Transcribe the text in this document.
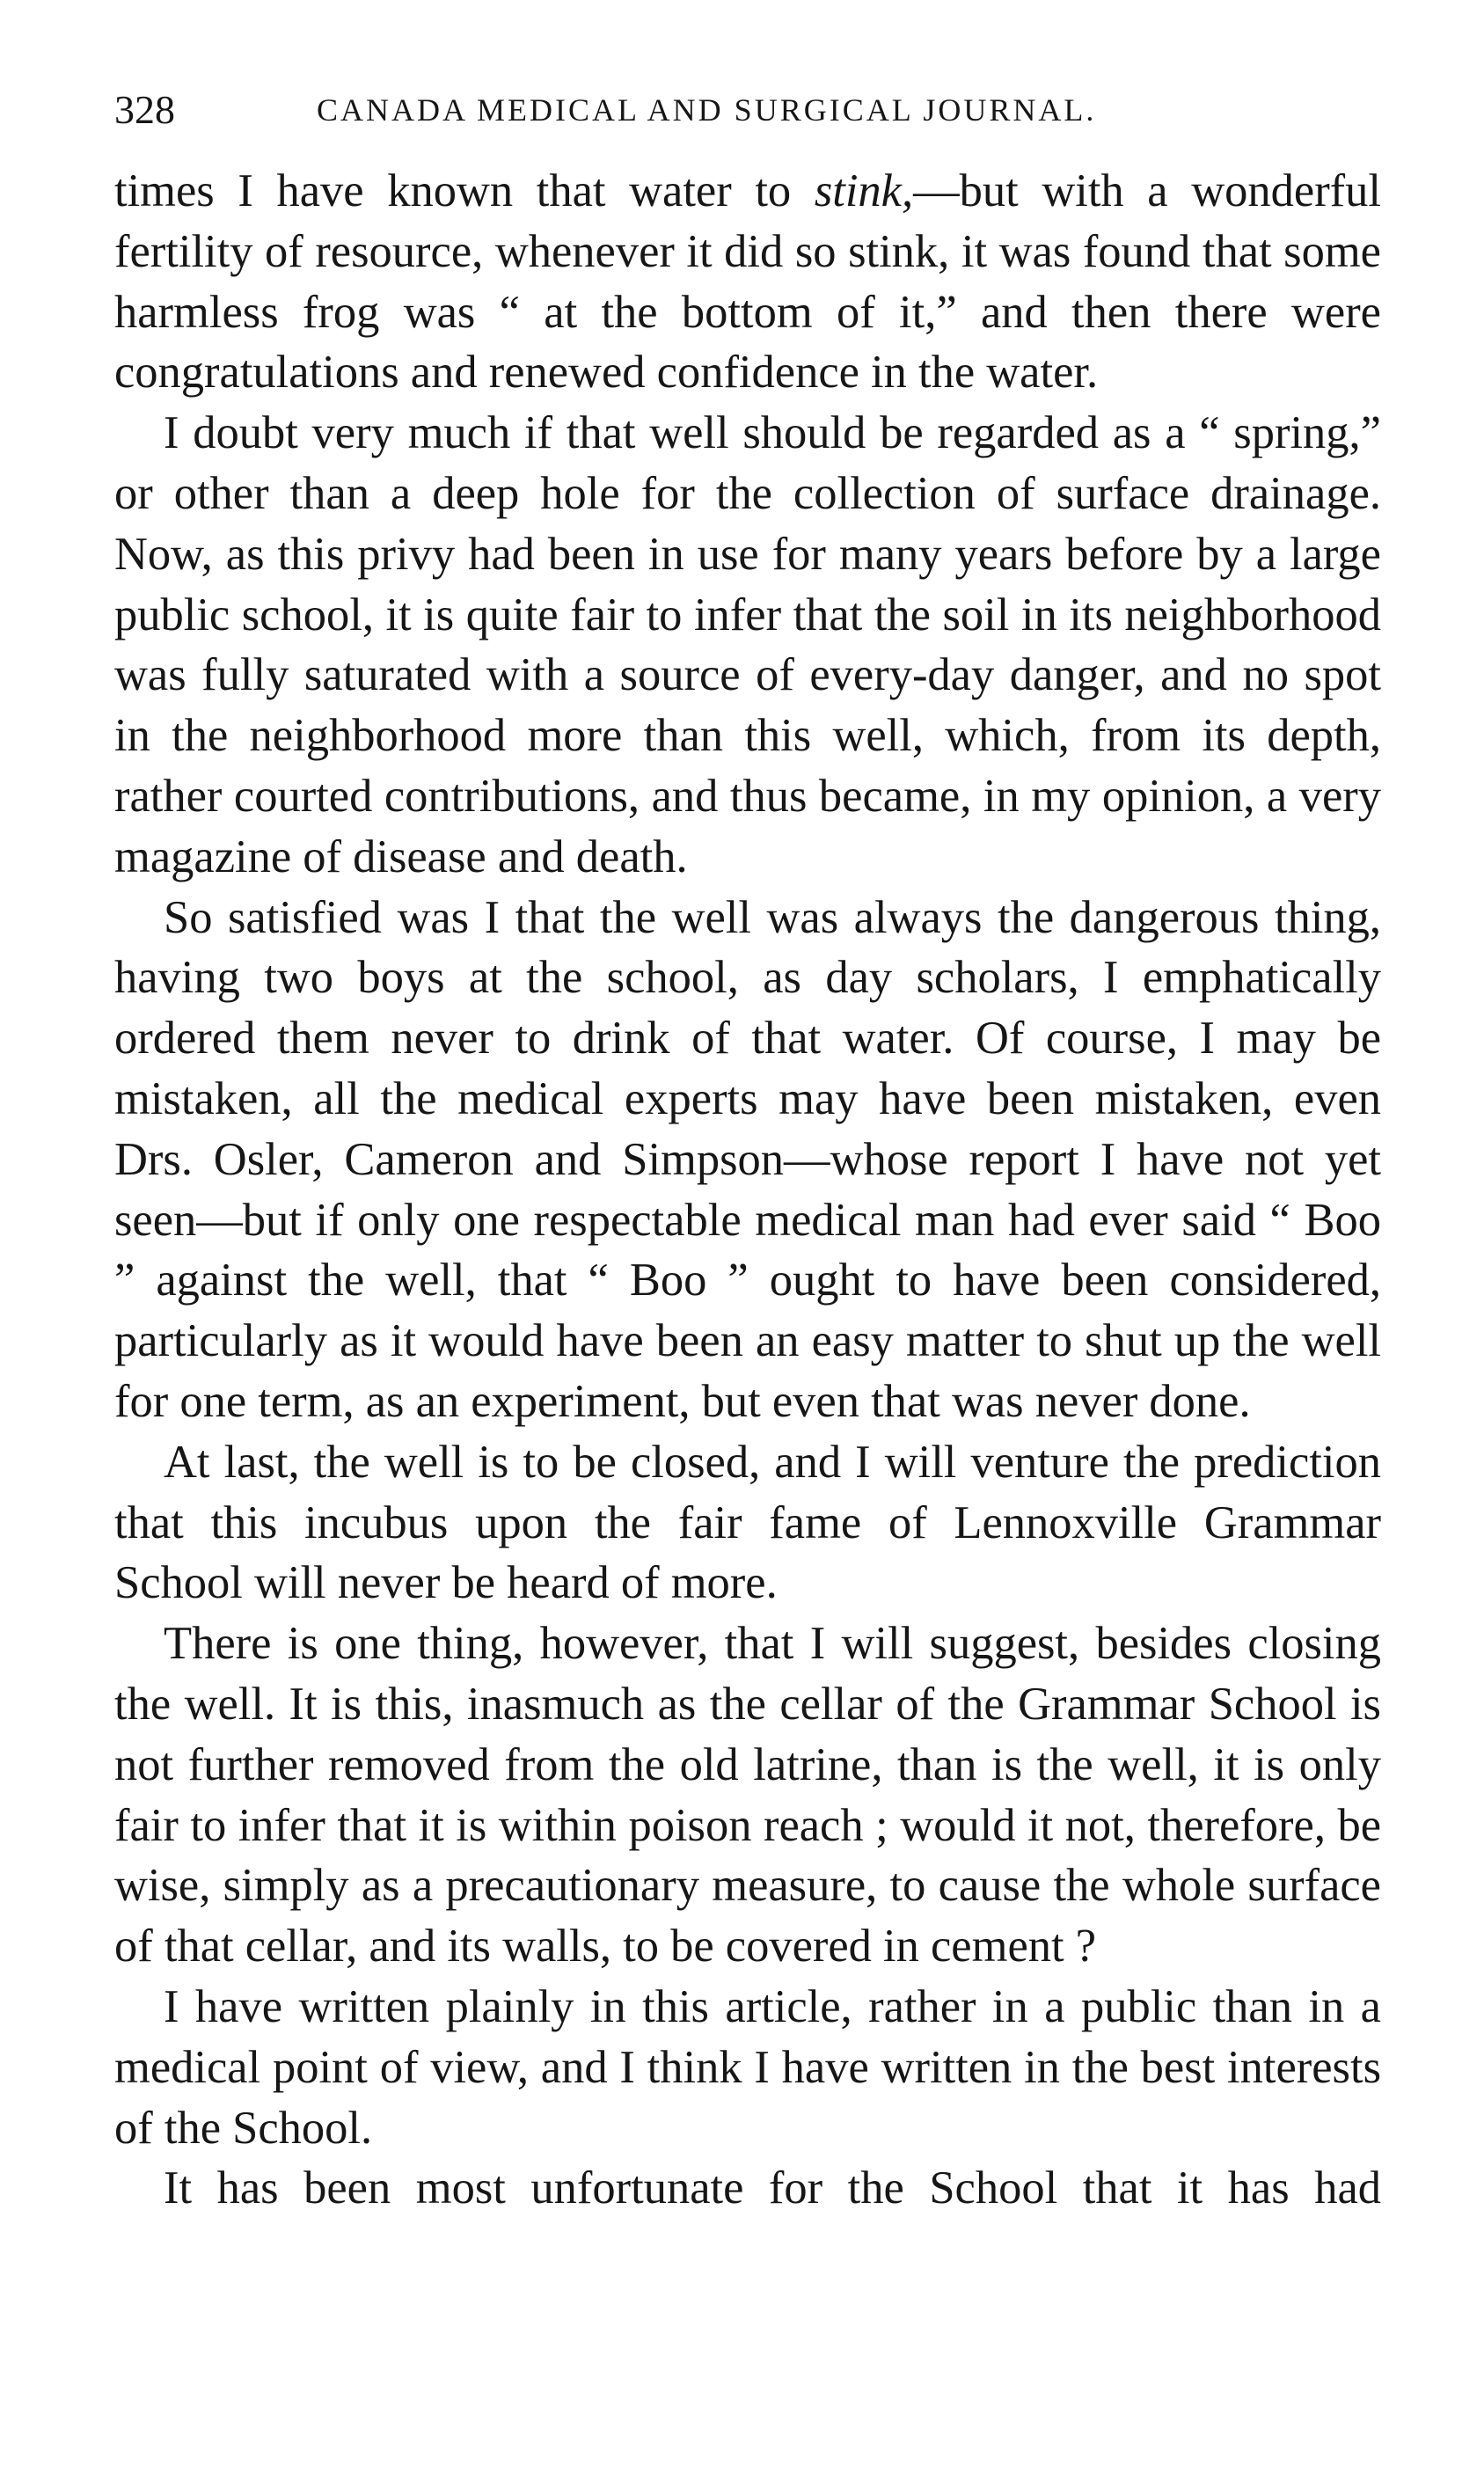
328	CANADA MEDICAL AND SURGICAL JOURNAL.

times I have known that water to stink,—but with a wonderful fertility of resource, whenever it did so stink, it was found that some harmless frog was “ at the bottom of it,” and then there were congratulations and renewed confidence in the water.

I doubt very much if that well should be regarded as a “ spring,” or other than a deep hole for the collection of surface drainage. Now, as this privy had been in use for many years before by a large public school, it is quite fair to infer that the soil in its neighborhood was fully saturated with a source of every-day danger, and no spot in the neighborhood more than this well, which, from its depth, rather courted contributions, and thus became, in my opinion, a very magazine of disease and death.

So satisfied was I that the well was always the dangerous thing, having two boys at the school, as day scholars, I emphatically ordered them never to drink of that water. Of course, I may be mistaken, all the medical experts may have been mistaken, even Drs. Osler, Cameron and Simpson—whose report I have not yet seen—but if only one respectable medical man had ever said “ Boo ” against the well, that “ Boo ” ought to have been considered, particularly as it would have been an easy matter to shut up the well for one term, as an experiment, but even that was never done.

At last, the well is to be closed, and I will venture the prediction that this incubus upon the fair fame of Lennoxville Grammar School will never be heard of more.

There is one thing, however, that I will suggest, besides closing the well. It is this, inasmuch as the cellar of the Grammar School is not further removed from the old latrine, than is the well, it is only fair to infer that it is within poison reach ; would it not, therefore, be wise, simply as a precautionary measure, to cause the whole surface of that cellar, and its walls, to be covered in cement ?

I have written plainly in this article, rather in a public than in a medical point of view, and I think I have written in the best interests of the School.

It has been most unfortunate for the School that it has had
